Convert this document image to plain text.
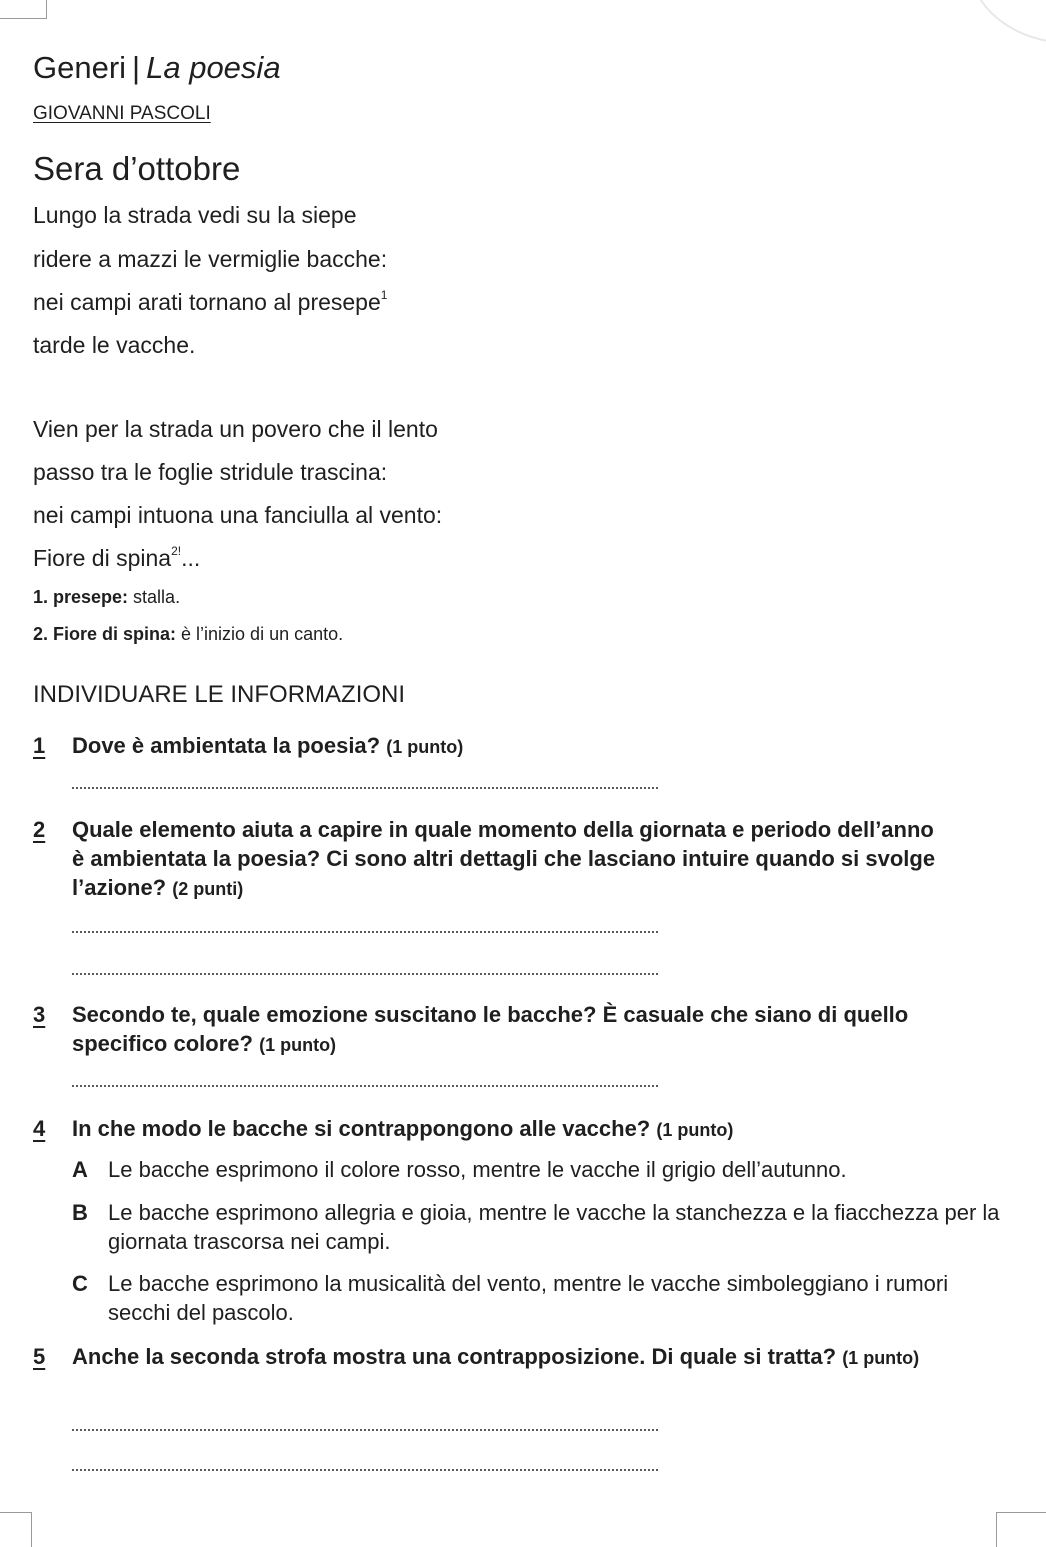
Generi | La poesia
GIOVANNI PASCOLI
Sera d’ottobre
Lungo la strada vedi su la siepe
ridere a mazzi le vermiglie bacche:
nei campi arati tornano al presepe$^1$
tarde le vacche.
Vien per la strada un povero che il lento
passo tra le foglie stridule trascina:
nei campi intuona una fanciulla al vento:
Fiore di spina$^{2!}$...
1. presepe: stalla.
2. Fiore di spina: è l’inizio di un canto.
INDIVIDUARE LE INFORMAZIONI
1 Dove è ambientata la poesia? (1 punto)
2 Quale elemento aiuta a capire in quale momento della giornata e periodo dell’anno è ambientata la poesia? Ci sono altri dettagli che lasciano intuire quando si svolge l’azione? (2 punti)
3 Secondo te, quale emozione suscitano le bacche? È casuale che siano di quello specifico colore? (1 punto)
4 In che modo le bacche si contrappongono alle vacche? (1 punto)
A Le bacche esprimono il colore rosso, mentre le vacche il grigio dell’autunno.
B Le bacche esprimono allegria e gioia, mentre le vacche la stanchezza e la fiacchezza per la giornata trascorsa nei campi.
C Le bacche esprimono la musicalità del vento, mentre le vacche simboleggiano i rumori secchi del pascolo.
5 Anche la seconda strofa mostra una contrapposizione. Di quale si tratta? (1 punto)
